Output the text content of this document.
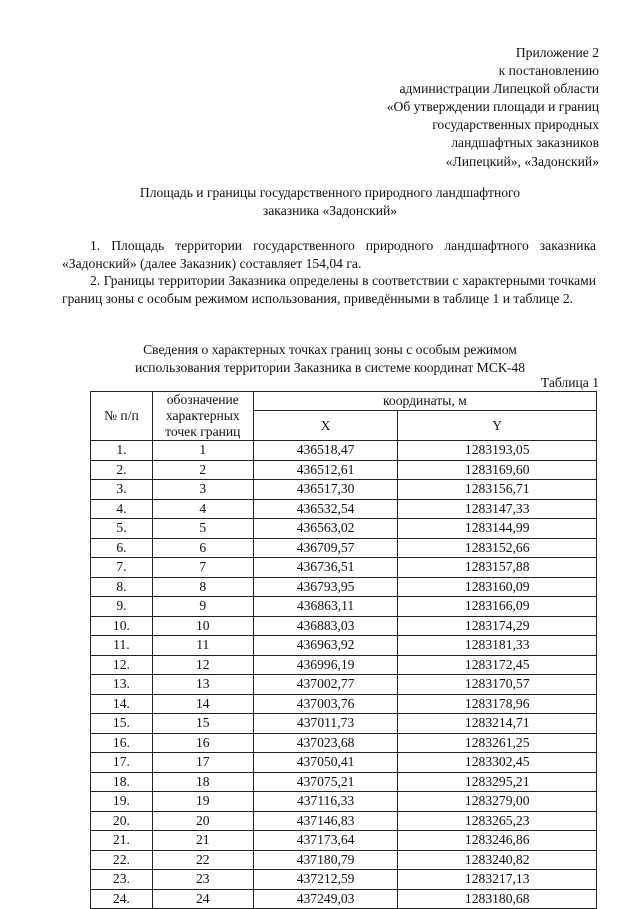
Приложение 2
к постановлению
администрации Липецкой области
«Об утверждении площади и границ
государственных природных
ландшафтных заказников
«Липецкий», «Задонский»
Площадь и границы государственного природного ландшафтного
заказника «Задонский»
1. Площадь территории государственного природного ландшафтного заказника «Задонский» (далее Заказник) составляет 154,04 га.
2. Границы территории Заказника определены в соответствии с характерными точками границ зоны с особым режимом использования, приведёнными в таблице 1 и таблице 2.
Сведения о характерных точках границ зоны с особым режимом
использования территории Заказника в системе координат МСК-48
Таблица 1
№ п/п	обозначение характерных точек границ	координаты, м	
		X	Y
1.	1	436518,47	1283193,05
2.	2	436512,61	1283169,60
3.	3	436517,30	1283156,71
4.	4	436532,54	1283147,33
5.	5	436563,02	1283144,99
6.	6	436709,57	1283152,66
7.	7	436736,51	1283157,88
8.	8	436793,95	1283160,09
9.	9	436863,11	1283166,09
10.	10	436883,03	1283174,29
11.	11	436963,92	1283181,33
12.	12	436996,19	1283172,45
13.	13	437002,77	1283170,57
14.	14	437003,76	1283178,96
15.	15	437011,73	1283214,71
16.	16	437023,68	1283261,25
17.	17	437050,41	1283302,45
18.	18	437075,21	1283295,21
19.	19	437116,33	1283279,00
20.	20	437146,83	1283265,23
21.	21	437173,64	1283246,86
22.	22	437180,79	1283240,82
23.	23	437212,59	1283217,13
24.	24	437249,03	1283180,68
